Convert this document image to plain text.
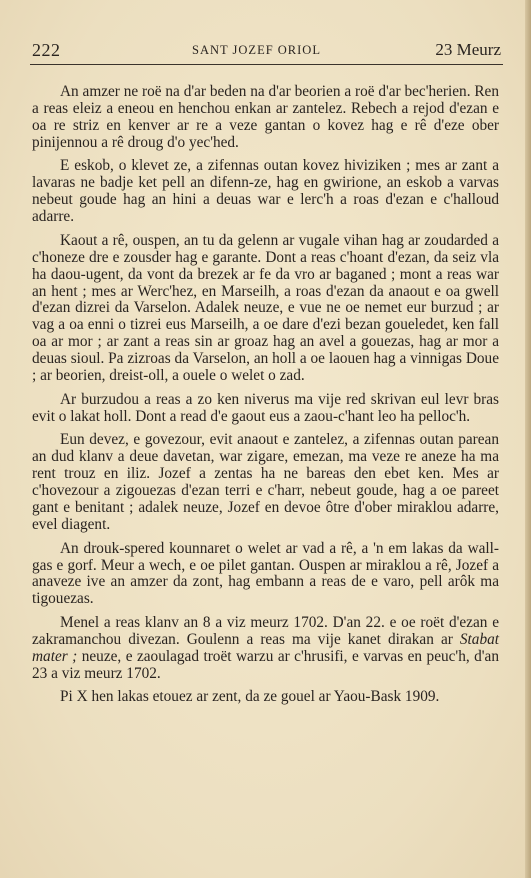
222	SANT JOZEF ORIOL	23 Meurz

An amzer ne roë na d'ar beden na d'ar beorien a roë d'ar bec'herien. Ren a reas eleiz a eneou en henchou enkan ar zantelez. Rebech a rejod d'ezan e oa re striz en kenver ar re a veze gantan o kovez hag e rê d'eze ober pinijennou a rê droug d'o yec'hed.

E eskob, o klevet ze, a zifennas outan kovez hiviziken ; mes ar zant a lavaras ne badje ket pell an difenn-ze, hag en gwirione, an eskob a varvas nebeut goude hag an hini a deuas war e lerc'h a roas d'ezan e c'halloud adarre.

Kaout a rê, ouspen, an tu da gelenn ar vugale vihan hag ar zoudarded a c'honeze dre e zousder hag e garante. Dont a reas c'hoant d'ezan, da seiz vla ha daou-ugent, da vont da brezek ar fe da vro ar baganed ; mont a reas war an hent ; mes ar Werc'hez, en Marseilh, a roas d'ezan da anaout e oa gwell d'ezan dizrei da Varselon. Adalek neuze, e vue ne oe nemet eur burzud ; ar vag a oa enni o tizrei eus Marseilh, a oe dare d'ezi bezan goueledet, ken fall oa ar mor ; ar zant a reas sin ar groaz hag an avel a gouezas, hag ar mor a deuas sioul. Pa zizroas da Varselon, an holl a oe laouen hag a vinnigas Doue ; ar beorien, dreist-oll, a ouele o welet o zad.

Ar burzudou a reas a zo ken niverus ma vije red skrivan eul levr bras evit o lakat holl. Dont a read d'e gaout eus a zaou-c'hant leo ha pelloc'h.

Eun devez, e govezour, evit anaout e zantelez, a zifennas outan parean an dud klanv a deue davetan, war zigare, emezan, ma veze re aneze ha ma rent trouz en iliz. Jozef a zentas ha ne bareas den ebet ken. Mes ar c'hovezour a zigouezas d'ezan terri e c'harr, nebeut goude, hag a oe pareet gant e benitant ; adalek neuze, Jozef en devoe ôtre d'ober miraklou adarre, evel diagent.

An drouk-spered kounnaret o welet ar vad a rê, a 'n em lakas da wall-gas e gorf. Meur a wech, e oe pilet gantan. Ouspen ar miraklou a rê, Jozef a anaveze ive an amzer da zont, hag embann a reas de e varo, pell arôk ma tigouezas.

Menel a reas klanv an 8 a viz meurz 1702. D'an 22. e oe roët d'ezan e zakramanchou divezan. Goulenn a reas ma vije kanet dirakan ar Stabat mater ; neuze, e zaoulagad troët warzu ar c'hrusifi, e varvas en peuc'h, d'an 23 a viz meurz 1702.

Pi X hen lakas etouez ar zent, da ze gouel ar Yaou-Bask 1909.
